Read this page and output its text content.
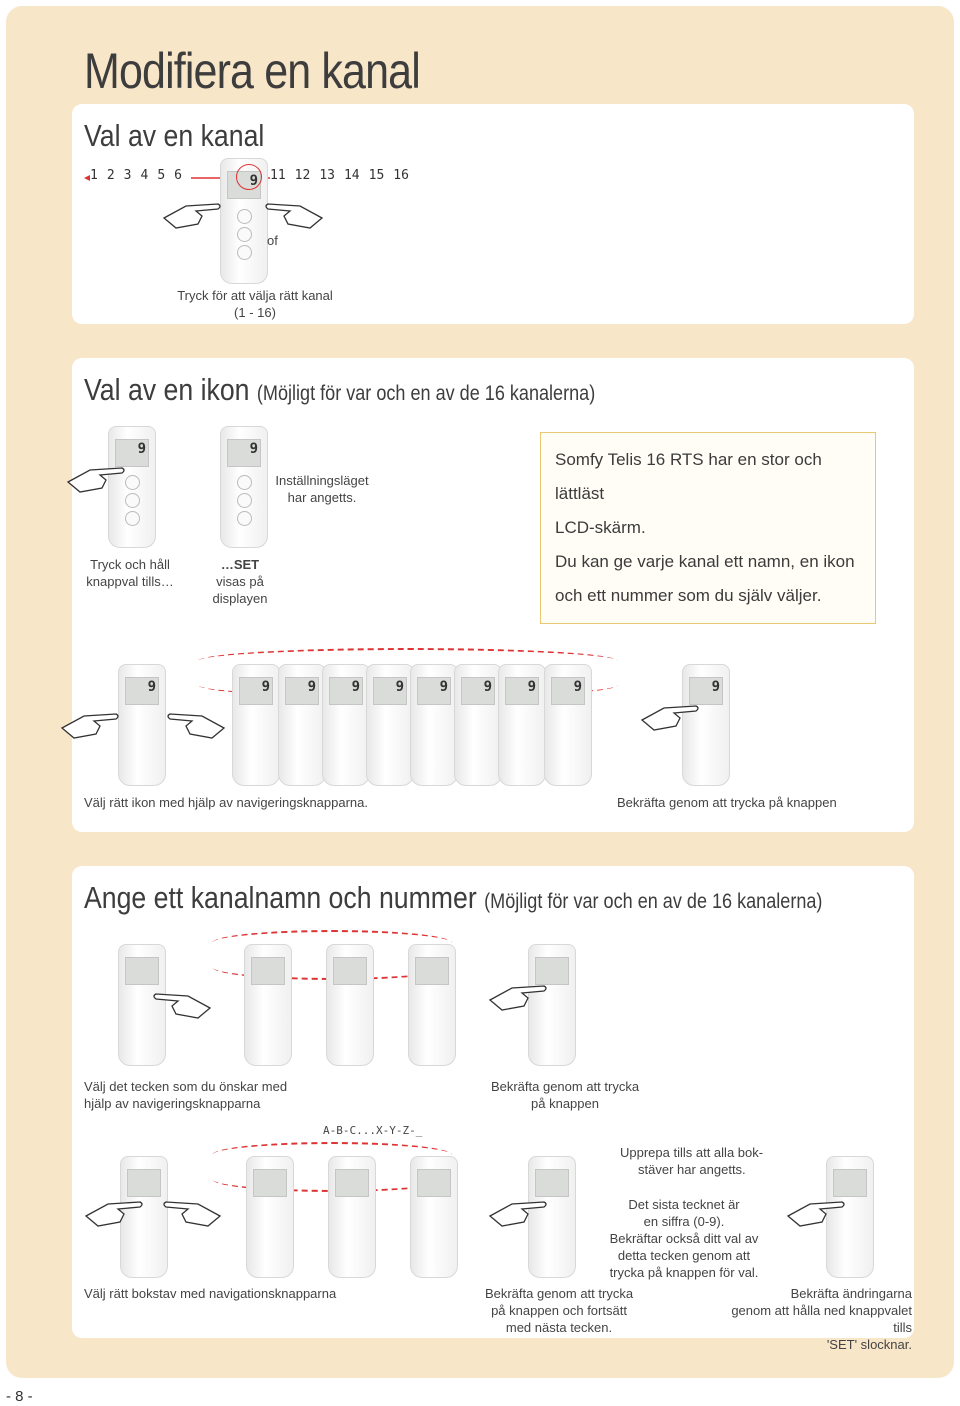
Modifiera en kanal
Val av en kanal
1 2 3 4 5 6	11 12 13 14 15 16
9
of
Tryck för att välja rätt kanal
(1 - 16)
Val av en ikon (Möjligt för var och en av de 16 kanalerna)
9	9
Tryck och håll
knappval tills…
…SET
visas på displayen
Inställningsläget
har angetts.
Somfy Telis 16 RTS har en stor och lättläst
LCD-skärm.
Du kan ge varje kanal ett namn, en ikon
och ett nummer som du själv väljer.
9	9	9	9	9	9	9	9	9	9
Välj rätt ikon med hjälp av navigeringsknapparna.	Bekräfta genom att trycka på knappen
Ange ett kanalnamn och nummer (Möjligt för var och en av de 16 kanalerna)
Välj det tecken som du önskar med
hjälp av navigeringsknapparna
Bekräfta genom att trycka
på knappen
A-B-C...X-Y-Z-_
Upprepa tills att alla bok-
stäver har angetts.
Det sista tecknet är
en siffra (0-9).
Bekräftar också ditt val av
detta tecken genom att
trycka på knappen för val.
Välj rätt bokstav med navigationsknapparna	Bekräfta genom att trycka
på knappen och fortsätt
med nästa tecken.
Bekräfta ändringarna
genom att hålla ned knappvalet tills
'SET' slocknar.
- 8 -
